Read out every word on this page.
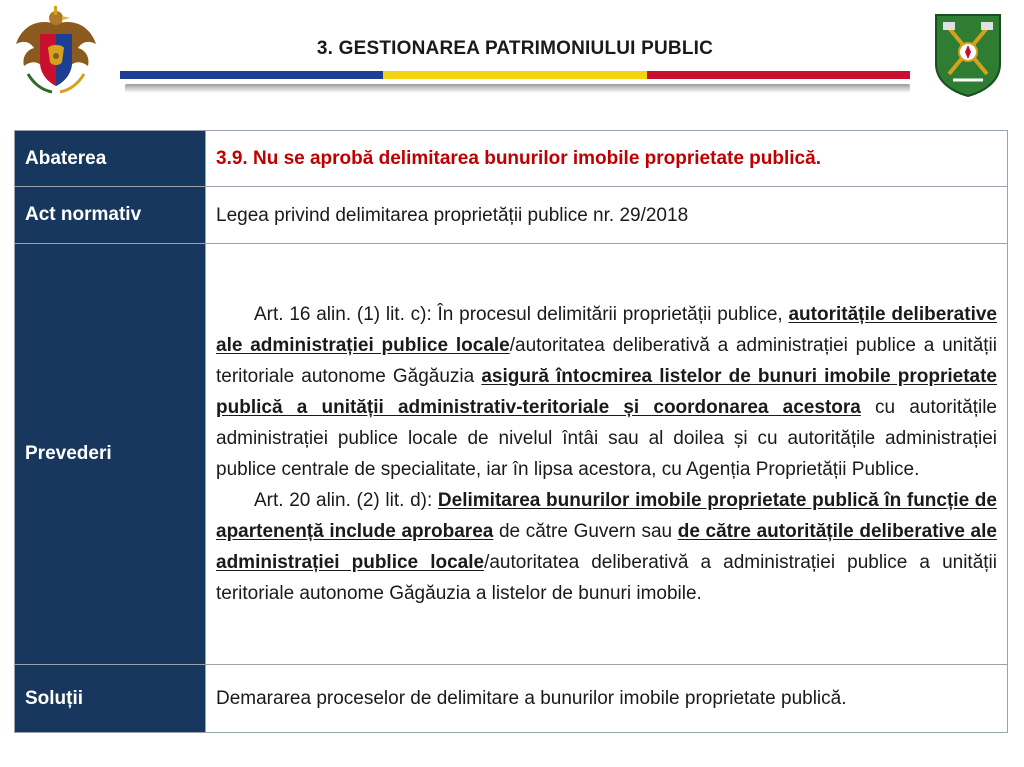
3. GESTIONAREA PATRIMONIULUI PUBLIC
Abaterea	3.9. Nu se aprobă delimitarea bunurilor imobile proprietate publică.
Act normativ	Legea privind delimitarea proprietății publice nr. 29/2018
Prevederi	Art. 16 alin. (1) lit. c): În procesul delimitării proprietății publice, autoritățile deliberative ale administrației publice locale/autoritatea deliberativă a administrației publice a unității teritoriale autonome Găgăuzia asigură întocmirea listelor de bunuri imobile proprietate publică a unității administrativ-teritoriale și coordonarea acestora cu autoritățile administrației publice locale de nivelul întâi sau al doilea și cu autoritățile administrației publice centrale de specialitate, iar în lipsa acestora, cu Agenția Proprietății Publice.
Art. 20 alin. (2) lit. d): Delimitarea bunurilor imobile proprietate publică în funcție de apartenență include aprobarea de către Guvern sau de către autoritățile deliberative ale administrației publice locale/autoritatea deliberativă a administrației publice a unității teritoriale autonome Găgăuzia a listelor de bunuri imobile.

Soluții	Demararea proceselor de delimitare a bunurilor imobile proprietate publică.
